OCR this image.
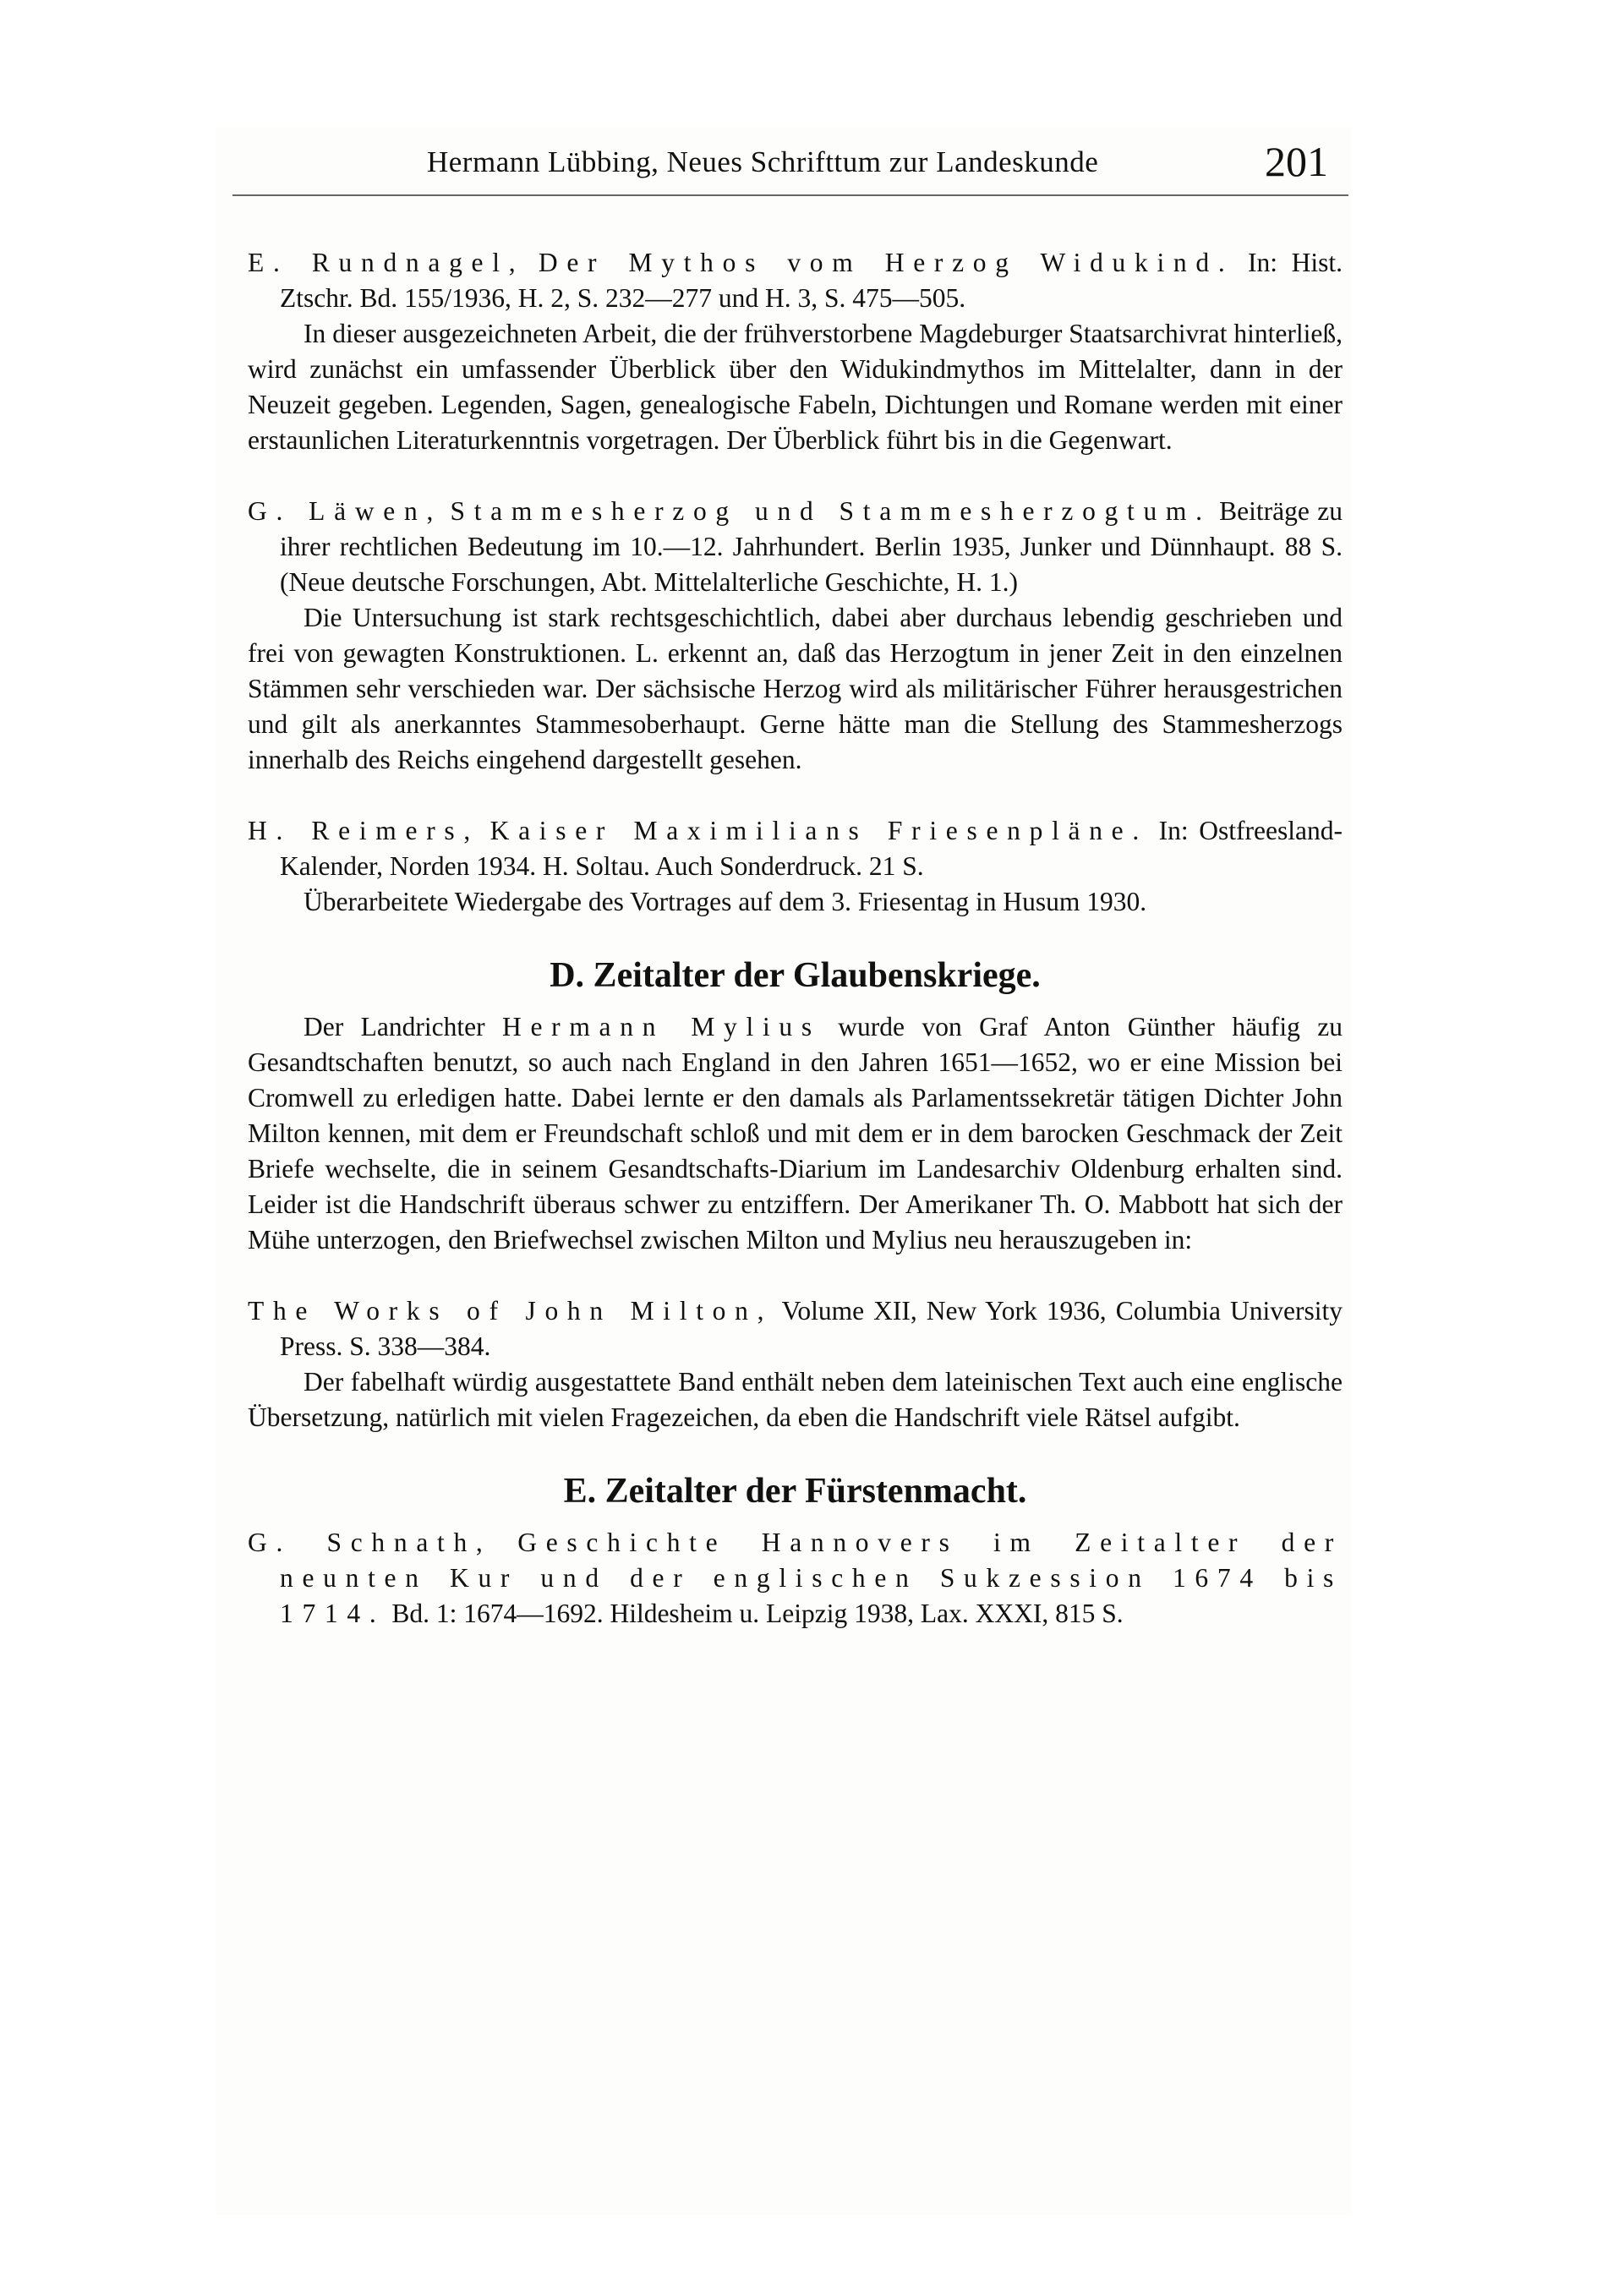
Hermann Lübbing, Neues Schrifttum zur Landeskunde	201

E. Rundnagel, Der Mythos vom Herzog Widukind. In: Hist. Ztschr. Bd. 155/1936, H. 2, S. 232—277 und H. 3, S. 475—505.

In dieser ausgezeichneten Arbeit, die der frühverstorbene Magdeburger Staatsarchivrat hinterließ, wird zunächst ein umfassender Überblick über den Widukindmythos im Mittelalter, dann in der Neuzeit gegeben. Legenden, Sagen, genealogische Fabeln, Dichtungen und Romane werden mit einer erstaunlichen Literaturkenntnis vorgetragen. Der Überblick führt bis in die Gegenwart.

G. Läwen, Stammesherzog und Stammesherzogtum. Beiträge zu ihrer rechtlichen Bedeutung im 10.—12. Jahrhundert. Berlin 1935, Junker und Dünnhaupt. 88 S. (Neue deutsche Forschungen, Abt. Mittelalterliche Geschichte, H. 1.)

Die Untersuchung ist stark rechtsgeschichtlich, dabei aber durchaus lebendig geschrieben und frei von gewagten Konstruktionen. L. erkennt an, daß das Herzogtum in jener Zeit in den einzelnen Stämmen sehr verschieden war. Der sächsische Herzog wird als militärischer Führer herausgestrichen und gilt als anerkanntes Stammesoberhaupt. Gerne hätte man die Stellung des Stammesherzogs innerhalb des Reichs eingehend dargestellt gesehen.

H. Reimers, Kaiser Maximilians Friesenpläne. In: Ostfreesland-Kalender, Norden 1934. H. Soltau. Auch Sonderdruck. 21 S.

Überarbeitete Wiedergabe des Vortrages auf dem 3. Friesentag in Husum 1930.

D. Zeitalter der Glaubenskriege.

Der Landrichter Hermann Mylius wurde von Graf Anton Günther häufig zu Gesandtschaften benutzt, so auch nach England in den Jahren 1651—1652, wo er eine Mission bei Cromwell zu erledigen hatte. Dabei lernte er den damals als Parlamentssekretär tätigen Dichter John Milton kennen, mit dem er Freundschaft schloß und mit dem er in dem barocken Geschmack der Zeit Briefe wechselte, die in seinem Gesandtschafts-Diarium im Landesarchiv Oldenburg erhalten sind. Leider ist die Handschrift überaus schwer zu entziffern. Der Amerikaner Th. O. Mabbott hat sich der Mühe unterzogen, den Briefwechsel zwischen Milton und Mylius neu herauszugeben in:

The Works of John Milton, Volume XII, New York 1936, Columbia University Press. S. 338—384.

Der fabelhaft würdig ausgestattete Band enthält neben dem lateinischen Text auch eine englische Übersetzung, natürlich mit vielen Fragezeichen, da eben die Handschrift viele Rätsel aufgibt.

E. Zeitalter der Fürstenmacht.

G. Schnath, Geschichte Hannovers im Zeitalter der neunten Kur und der englischen Sukzession 1674 bis 1714. Bd. 1: 1674—1692. Hildesheim u. Leipzig 1938, Lax. XXXI, 815 S.
